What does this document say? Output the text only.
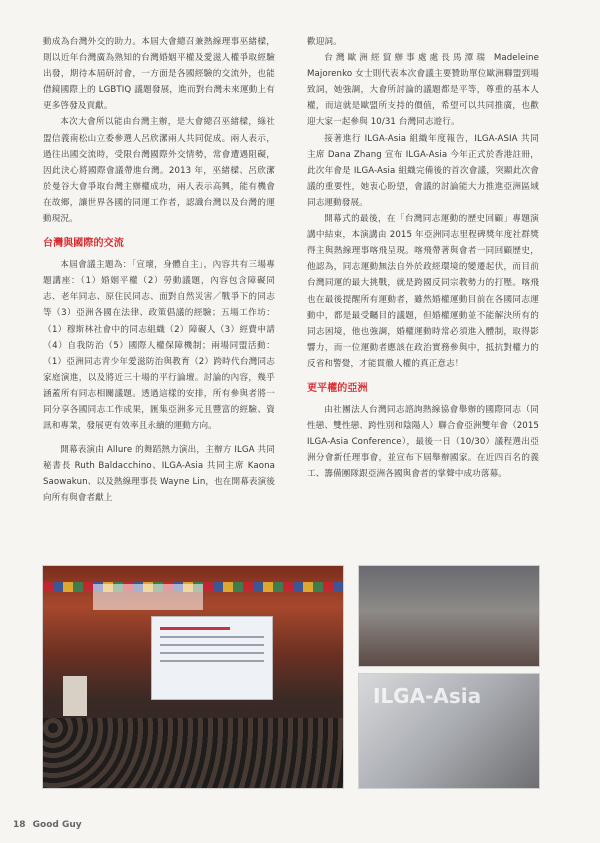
動成為台灣外交的助力。本屆大會總召兼熱線理事巫緒樑，則以近年台灣廣為熟知的台灣婚姻平權及愛滋人權爭取經驗出發，期待本屆研討會，一方面是各國經驗的交流外，也能借鏡國際上的 LGBTIQ 議題發展，進而對台灣未來運動上有更多啓發及貢獻。

本次大會所以能由台灣主辦，是大會總召巫緒樑，綠社盟信義南松山立委參選人呂欣潔兩人共同促成。兩人表示，過往出國交流時，受限台灣國際外交情勢，常會遭遇阻礙，因此決心將國際會議帶進台灣。2013 年，巫緒樑、呂欣潔於曼谷大會爭取台灣主辦權成功，兩人表示高興，能有機會在故鄉，讓世界各國的同運工作者，認識台灣以及台灣的運動現況。

台灣與國際的交流

本屆會議主題為：「宣壞，身體自主」，內容共有三場專題講座：（1）婚姻平權（2）勞動議題，內容包含障礙同志、老年同志、原住民同志、面對自然災害／戰爭下的同志等（3）亞洲各國在法律、政策倡議的經驗；五場工作坊：（1）穆斯林社會中的同志組織（2）障礙人（3）經費申請（4）自我防治（5）國際人權保障機制；兩場同盟活動：（1）亞洲同志青少年愛滋防治與教育（2）跨時代台灣同志家庭演進，以及將近三十場的平行論壇。討論的內容，幾乎涵蓋所有同志相關議題。透過這樣的安排，所有參與者將一同分享各國同志工作成果，匯集亞洲多元且豐富的經驗、資訊和專業，發展更有效率且永續的運動方向。

開幕表演由 Allure 的舞蹈熱力演出，主辦方 ILGA 共同秘書長 Ruth Baldacchino、ILGA-Asia 共同主席 Kaona Saowakun、以及熱線理事長 Wayne Lin，也在開幕表演後向所有與會者獻上

歡迎詞。

台灣歐洲經貿辦事處處長馬潭瑞 Madeleine Majorenko 女士則代表本次會議主要贊助單位歐洲聯盟到場致詞，她強調，大會所討論的議題都是平等，尊重的基本人權，而這就是歐盟所支持的價值，希望可以共同推廣，也歡迎大家一起參與 10/31 台灣同志遊行。

接著進行 ILGA-Asia 組織年度報告，ILGA-ASIA 共同主席 Dana Zhang 宣布 ILGA-Asia 今年正式於香港註冊，此次年會是 ILGA-Asia 組織完備後的首次會議，突顯此次會議的重要性，她衷心盼望，會議的討論能大力推進亞洲區域同志運動發展。

開幕式的最後，在「台灣同志運動的歷史回顧」專題演講中結束，本演講由 2015 年亞洲同志里程碑獎年度社群獎得主與熱線理事喀飛呈現。喀飛帶著與會者一同回顧歷史，他認為，同志運動無法自外於政經環境的變遷起伏，而目前台灣同運的最大挑戰，就是跨國反同宗教勢力的打壓。喀飛也在最後提醒所有運動者，雖然婚權運動目前在各國同志運動中，都是最受矚目的議題，但婚權運動並不能解決所有的同志困境，他也強調，婚權運動時常必須進入體制，取得影響力，而一位運動者應該在政治實務參與中，抵抗對權力的反省和警覺，才能貫徹人權的真正意志！

更平權的亞洲

由社團法人台灣同志諮詢熱線協會舉辦的國際同志（同性戀、雙性戀、跨性別和陰陽人）聯合會亞洲雙年會（2015 ILGA-Asia Conference），最後一日（10/30）議程選出亞洲分會新任理事會，並宣布下屆舉辦國家。在近四百名的義工、籌備團隊跟亞洲各國與會者的掌聲中成功落幕。

ILGA-Asia
18 Good Guy
